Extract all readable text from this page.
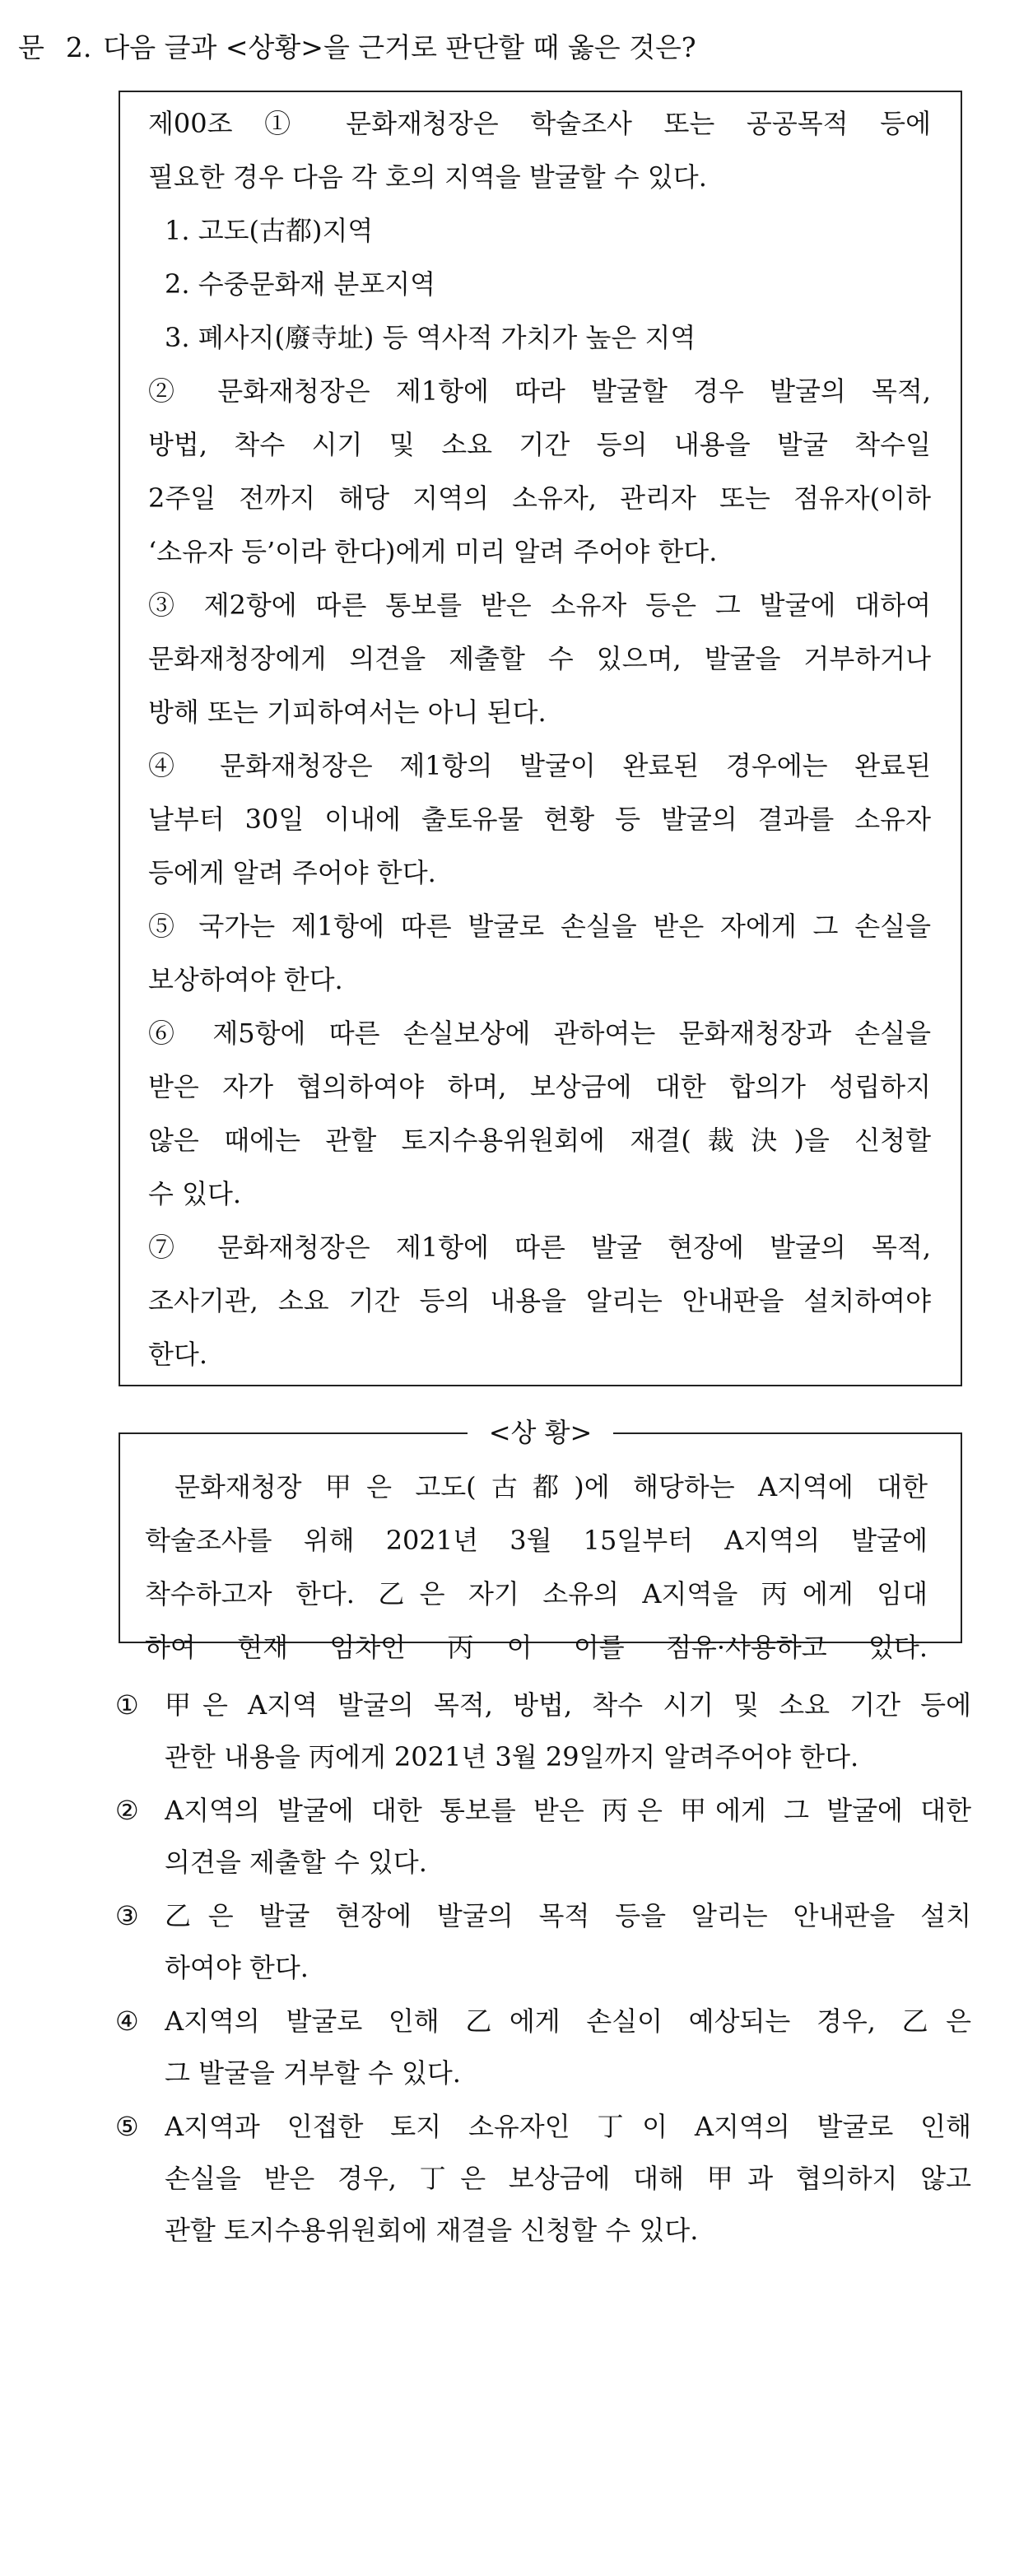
문 2. 다음 글과 <상황>을 근거로 판단할 때 옳은 것은?
제00조 ① 문화재청장은 학술조사 또는 공공목적 등에
필요한 경우 다음 각 호의 지역을 발굴할 수 있다.
1. 고도(古都)지역
2. 수중문화재 분포지역
3. 폐사지(廢寺址) 등 역사적 가치가 높은 지역
② 문화재청장은 제1항에 따라 발굴할 경우 발굴의 목적,
방법, 착수 시기 및 소요 기간 등의 내용을 발굴 착수일
2주일 전까지 해당 지역의 소유자, 관리자 또는 점유자(이하
‘소유자 등’이라 한다)에게 미리 알려 주어야 한다.
③ 제2항에 따른 통보를 받은 소유자 등은 그 발굴에 대하여
문화재청장에게 의견을 제출할 수 있으며, 발굴을 거부하거나
방해 또는 기피하여서는 아니 된다.
④ 문화재청장은 제1항의 발굴이 완료된 경우에는 완료된
날부터 30일 이내에 출토유물 현황 등 발굴의 결과를 소유자
등에게 알려 주어야 한다.
⑤ 국가는 제1항에 따른 발굴로 손실을 받은 자에게 그 손실을
보상하여야 한다.
⑥ 제5항에 따른 손실보상에 관하여는 문화재청장과 손실을
받은 자가 협의하여야 하며, 보상금에 대한 합의가 성립하지
않은 때에는 관할 토지수용위원회에 재결(裁決)을 신청할
수 있다.
⑦ 문화재청장은 제1항에 따른 발굴 현장에 발굴의 목적,
조사기관, 소요 기간 등의 내용을 알리는 안내판을 설치하여야
한다.
<상 황>
문화재청장 甲은 고도(古都)에 해당하는 A지역에 대한
학술조사를 위해 2021년 3월 15일부터 A지역의 발굴에
착수하고자 한다. 乙은 자기 소유의 A지역을 丙에게 임대
하여 현재 임차인 丙이 이를 점유·사용하고 있다.
① 甲은 A지역 발굴의 목적, 방법, 착수 시기 및 소요 기간 등에
관한 내용을 丙에게 2021년 3월 29일까지 알려주어야 한다.
② A지역의 발굴에 대한 통보를 받은 丙은 甲에게 그 발굴에 대한
의견을 제출할 수 있다.
③ 乙은 발굴 현장에 발굴의 목적 등을 알리는 안내판을 설치
하여야 한다.
④ A지역의 발굴로 인해 乙에게 손실이 예상되는 경우, 乙은
그 발굴을 거부할 수 있다.
⑤ A지역과 인접한 토지 소유자인 丁이 A지역의 발굴로 인해
손실을 받은 경우, 丁은 보상금에 대해 甲과 협의하지 않고
관할 토지수용위원회에 재결을 신청할 수 있다.
